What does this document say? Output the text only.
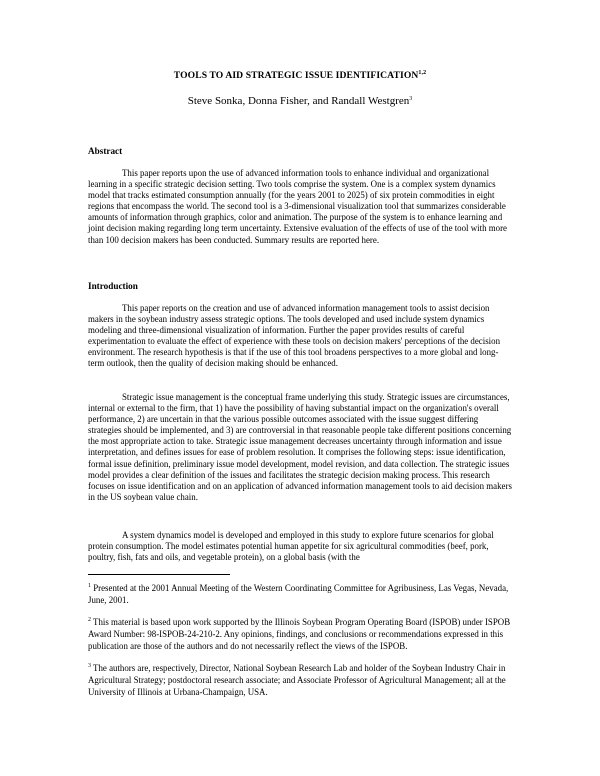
TOOLS TO AID STRATEGIC ISSUE IDENTIFICATION$^{1,2}$
Steve Sonka, Donna Fisher, and Randall Westgren$^3$
Abstract

This paper reports upon the use of advanced information tools to enhance individual and organizational learning in a specific strategic decision setting. Two tools comprise the system. One is a complex system dynamics model that tracks estimated consumption annually (for the years 2001 to 2025) of six protein commodities in eight regions that encompass the world. The second tool is a 3-dimensional visualization tool that summarizes considerable amounts of information through graphics, color and animation. The purpose of the system is to enhance learning and joint decision making regarding long term uncertainty. Extensive evaluation of the effects of use of the tool with more than 100 decision makers has been conducted. Summary results are reported here.

Introduction

This paper reports on the creation and use of advanced information management tools to assist decision makers in the soybean industry assess strategic options. The tools developed and used include system dynamics modeling and three-dimensional visualization of information. Further the paper provides results of careful experimentation to evaluate the effect of experience with these tools on decision makers' perceptions of the decision environment. The research hypothesis is that if the use of this tool broadens perspectives to a more global and long-term outlook, then the quality of decision making should be enhanced.

Strategic issue management is the conceptual frame underlying this study. Strategic issues are circumstances, internal or external to the firm, that 1) have the possibility of having substantial impact on the organization's overall performance, 2) are uncertain in that the various possible outcomes associated with the issue suggest differing strategies should be implemented, and 3) are controversial in that reasonable people take different positions concerning the most appropriate action to take. Strategic issue management decreases uncertainty through information and issue interpretation, and defines issues for ease of problem resolution. It comprises the following steps: issue identification, formal issue definition, preliminary issue model development, model revision, and data collection. The strategic issues model provides a clear definition of the issues and facilitates the strategic decision making process. This research focuses on issue identification and on an application of advanced information management tools to aid decision makers in the US soybean value chain.

A system dynamics model is developed and employed in this study to explore future scenarios for global protein consumption. The model estimates potential human appetite for six agricultural commodities (beef, pork, poultry, fish, fats and oils, and vegetable protein), on a global basis (with the

$^1$ Presented at the 2001 Annual Meeting of the Western Coordinating Committee for Agribusiness, Las Vegas, Nevada, June, 2001.
$^2$ This material is based upon work supported by the Illinois Soybean Program Operating Board (ISPOB) under ISPOB Award Number: 98-ISPOB-24-210-2. Any opinions, findings, and conclusions or recommendations expressed in this publication are those of the authors and do not necessarily reflect the views of the ISPOB.
$^3$ The authors are, respectively, Director, National Soybean Research Lab and holder of the Soybean Industry Chair in Agricultural Strategy; postdoctoral research associate; and Associate Professor of Agricultural Management; all at the University of Illinois at Urbana-Champaign, USA.
